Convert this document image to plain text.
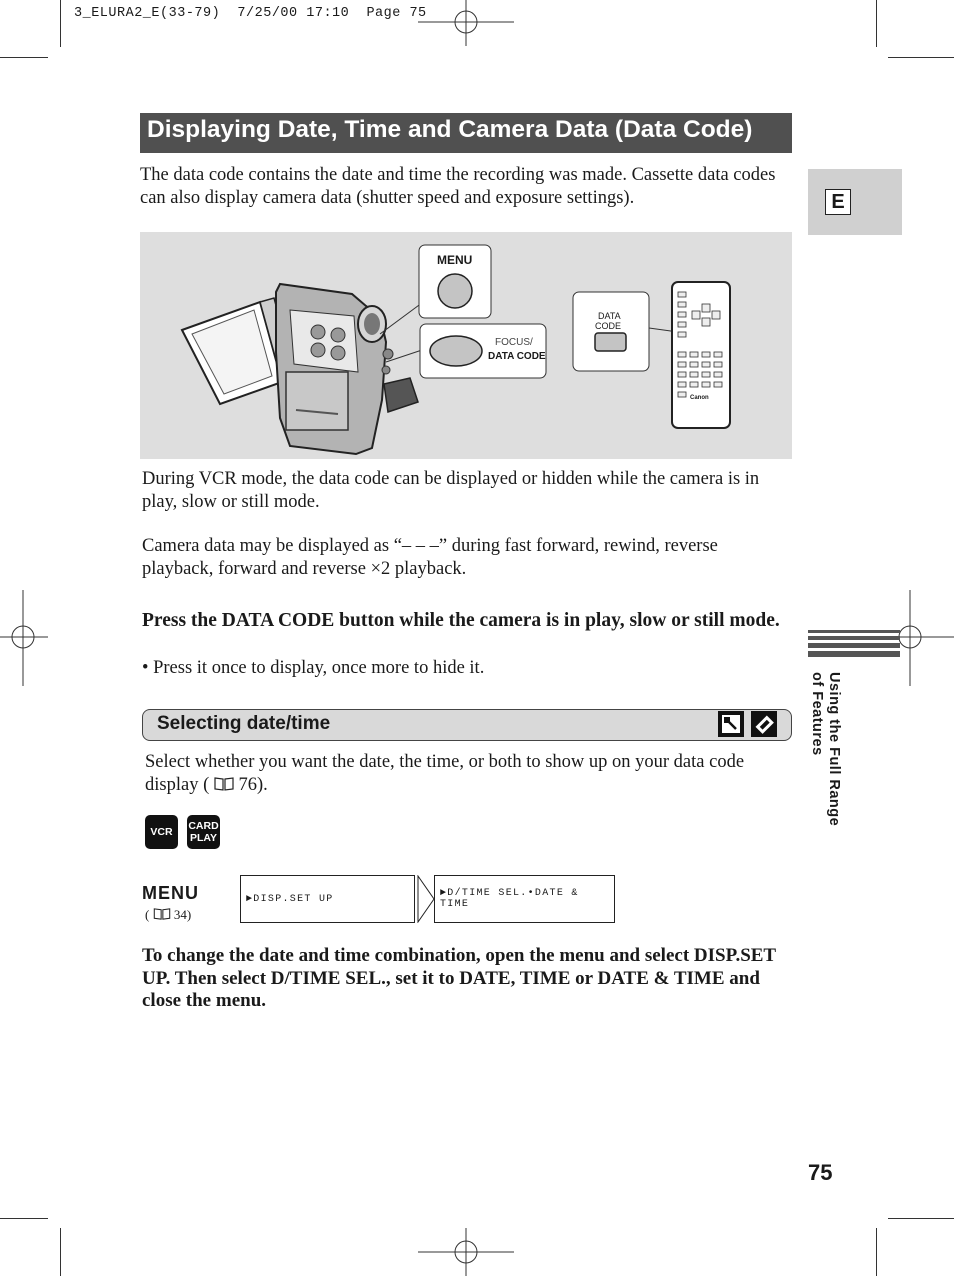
3_ELURA2_E(33-79)  7/25/00 17:10  Page 75
Displaying Date, Time and Camera Data (Data Code)
E
The data code contains the date and time the recording was made. Cassette data codes can also display camera data (shutter speed and exposure settings).
MENU
FOCUS/
DATA CODE
DATA
CODE
Canon
During VCR mode, the data code can be displayed or hidden while the camera is in play, slow or still mode.
Camera data may be displayed as “– – –” during fast forward, rewind, reverse playback, forward and reverse ×2 playback.
Press the DATA CODE button while the camera is in play, slow or still mode.
• Press it once to display, once more to hide it.
Selecting date/time
Select whether you want the date, the time, or both to show up on your data code display ( 76).
VCR	CARD PLAY
MENU
( 34)
►DISP.SET UP	►D/TIME SEL.•DATE & TIME
To change the date and time combination, open the menu and select DISP.SET UP. Then select D/TIME SEL., set it to DATE, TIME or DATE & TIME and close the menu.
Using the Full Range of Features
75
